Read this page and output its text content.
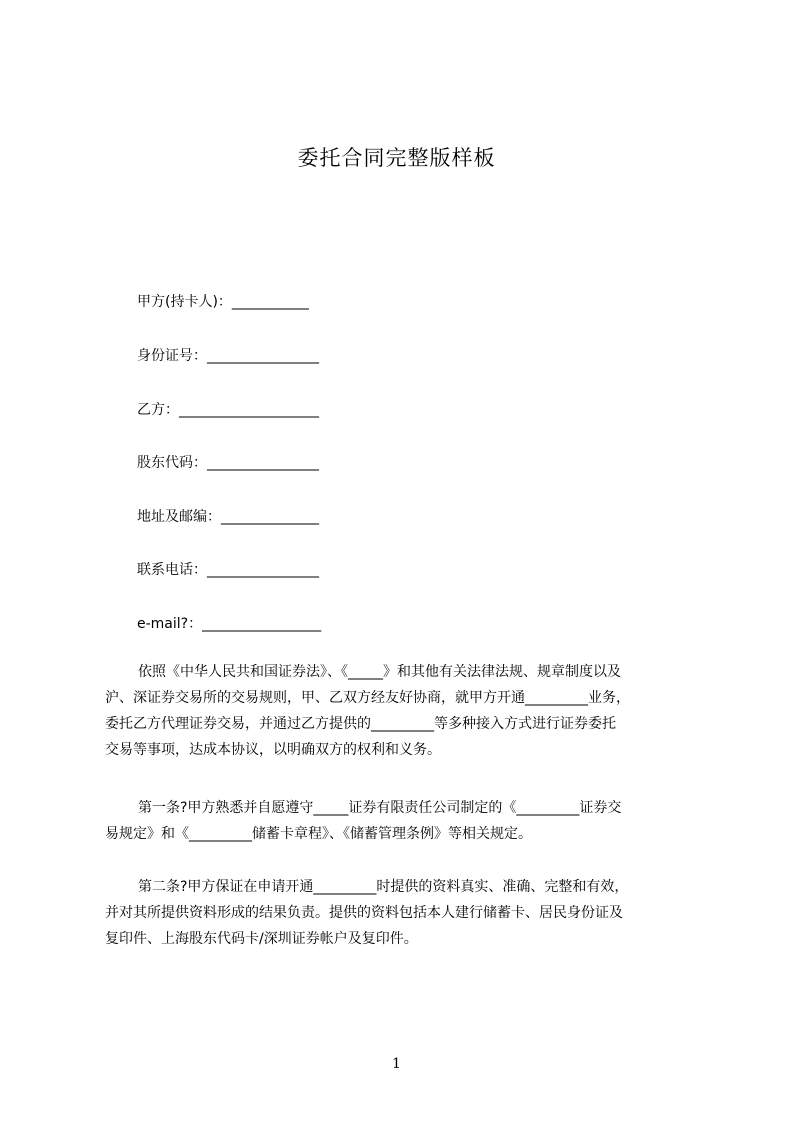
委托合同完整版样板
甲方(持卡人)：___________
身份证号：________________
乙方：____________________
股东代码：________________
地址及邮编：______________
联系电话：________________
e-mail?：_________________
依照《中华人民共和国证券法》、《_____》和其他有关法律法规、规章制度以及
沪、深证券交易所的交易规则，甲、乙双方经友好协商，就甲方开通_________业务，
委托乙方代理证券交易，并通过乙方提供的_________等多种接入方式进行证券委托
交易等事项，达成本协议，以明确双方的权利和义务。
第一条?甲方熟悉并自愿遵守_____证券有限责任公司制定的《_________证券交
易规定》和《_________储蓄卡章程》、《储蓄管理条例》等相关规定。
第二条?甲方保证在申请开通_________时提供的资料真实、准确、完整和有效，
并对其所提供资料形成的结果负责。提供的资料包括本人建行储蓄卡、居民身份证及
复印件、上海股东代码卡/深圳证券帐户及复印件。
1
